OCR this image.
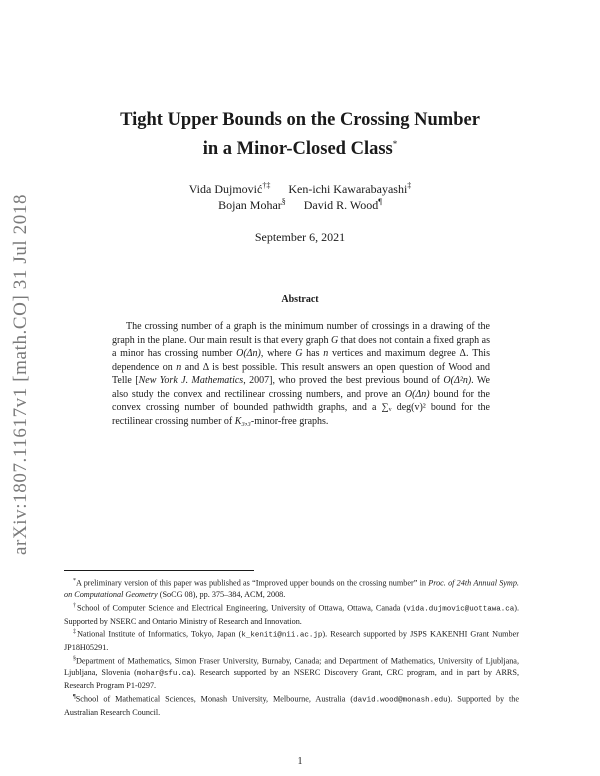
arXiv:1807.11617v1 [math.CO] 31 Jul 2018
Tight Upper Bounds on the Crossing Number
in a Minor-Closed Class*
Vida Dujmović†‡ Ken-ichi Kawarabayashi‡
Bojan Mohar§ David R. Wood¶
September 6, 2021
Abstract
The crossing number of a graph is the minimum number of crossings in a drawing of the graph in the plane. Our main result is that every graph G that does not contain a fixed graph as a minor has crossing number O(Δn), where G has n vertices and maximum degree Δ. This dependence on n and Δ is best possible. This result answers an open question of Wood and Telle [New York J. Mathematics, 2007], who proved the best previous bound of O(Δ²n). We also study the convex and rectilinear crossing numbers, and prove an O(Δn) bound for the convex crossing number of bounded pathwidth graphs, and a ∑ᵥ deg(v)² bound for the rectilinear crossing number of K₃,₃-minor-free graphs.
*A preliminary version of this paper was published as “Improved upper bounds on the crossing number” in Proc. of 24th Annual Symp. on Computational Geometry (SoCG 08), pp. 375–384, ACM, 2008.
†School of Computer Science and Electrical Engineering, University of Ottawa, Ottawa, Canada (vida.dujmovic@uottawa.ca). Supported by NSERC and Ontario Ministry of Research and Innovation.
‡National Institute of Informatics, Tokyo, Japan (k_keniti@nii.ac.jp). Research supported by JSPS KAKENHI Grant Number JP18H05291.
§Department of Mathematics, Simon Fraser University, Burnaby, Canada; and Department of Mathematics, University of Ljubljana, Ljubljana, Slovenia (mohar@sfu.ca). Research supported by an NSERC Discovery Grant, CRC program, and in part by ARRS, Research Program P1-0297.
¶School of Mathematical Sciences, Monash University, Melbourne, Australia (david.wood@monash.edu). Supported by the Australian Research Council.
1
